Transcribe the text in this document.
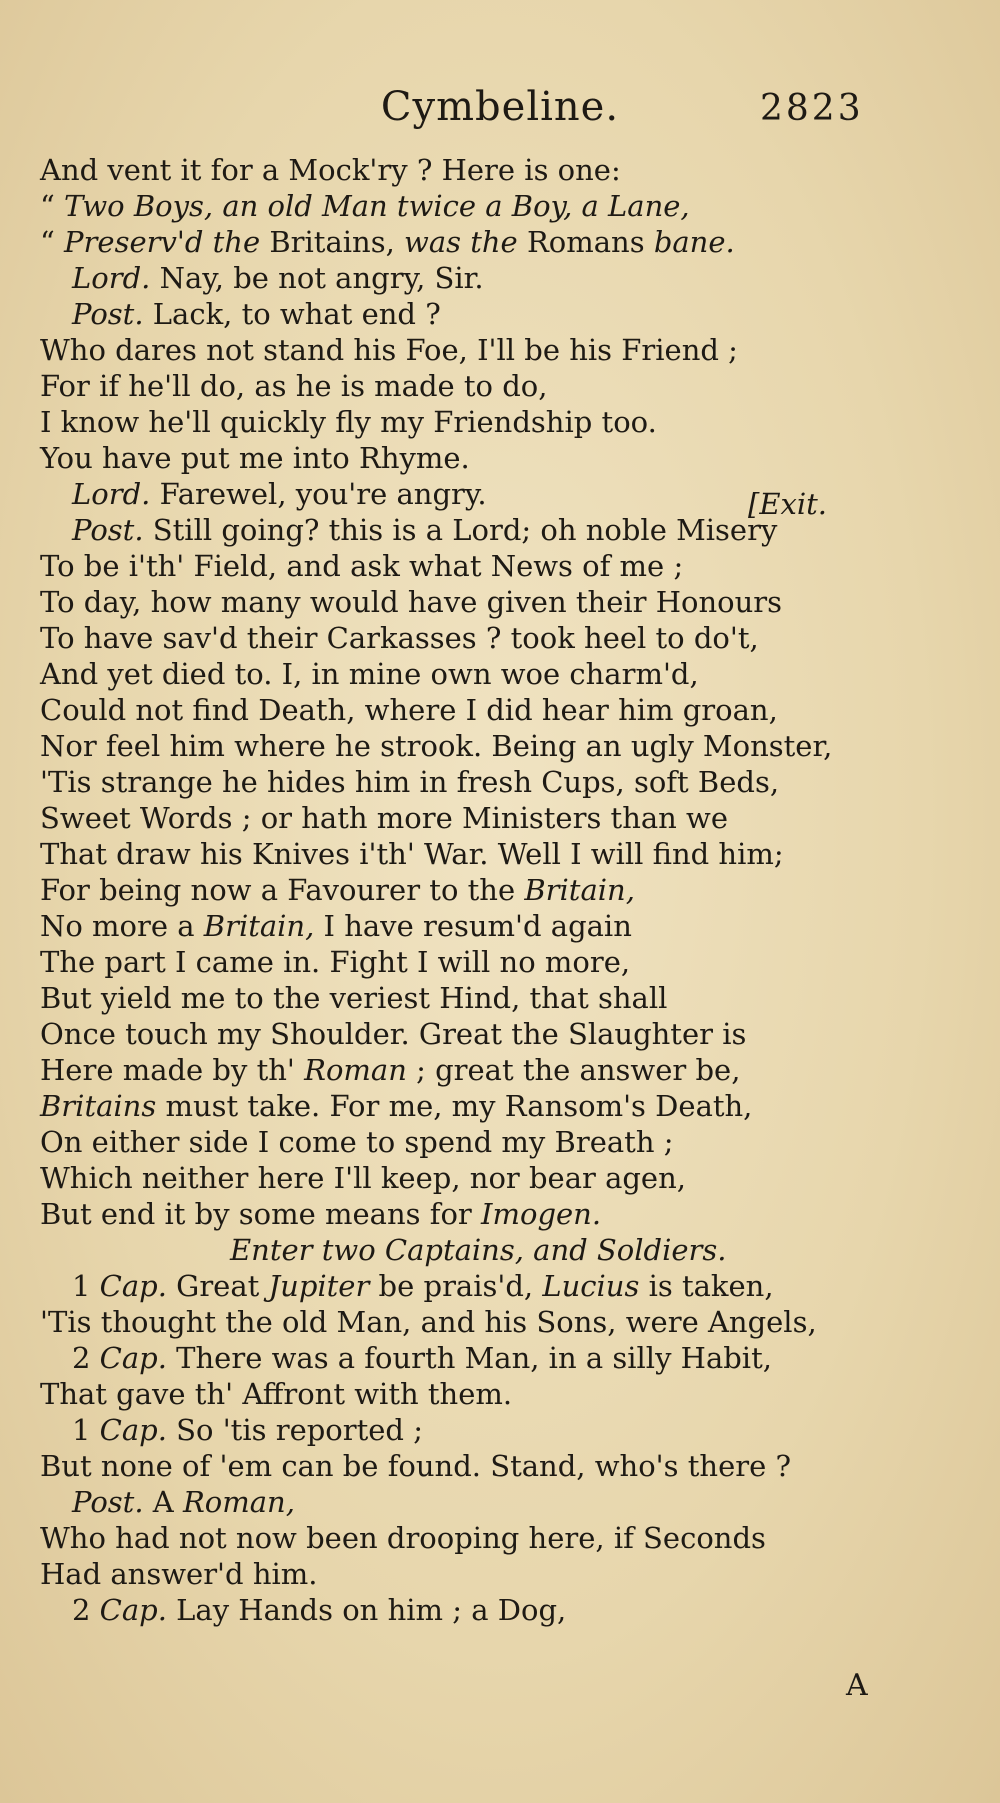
Cymbeline.	2823
And vent it for a Mock'ry ? Here is one:
“ Two Boys, an old Man twice a Boy, a Lane,
“ Preserv'd the Britains, was the Romans bane.
Lord. Nay, be not angry, Sir.
Post. Lack, to what end ?
Who dares not stand his Foe, I'll be his Friend ;
For if he'll do, as he is made to do,
I know he'll quickly fly my Friendship too.
You have put me into Rhyme.
Lord. Farewel, you're angry.
Post. Still going? this is a Lord; oh noble Misery
To be i'th' Field, and ask what News of me ;
To day, how many would have given their Honours
To have sav'd their Carkasses ? took heel to do't,
And yet died to. I, in mine own woe charm'd,
Could not find Death, where I did hear him groan,
Nor feel him where he strook. Being an ugly Monster,
'Tis strange he hides him in fresh Cups, soft Beds,
Sweet Words ; or hath more Ministers than we
That draw his Knives i'th' War. Well I will find him;
For being now a Favourer to the Britain,
No more a Britain, I have resum'd again
The part I came in. Fight I will no more,
But yield me to the veriest Hind, that shall
Once touch my Shoulder. Great the Slaughter is
Here made by th' Roman ; great the answer be,
Britains must take. For me, my Ransom's Death,
On either side I come to spend my Breath ;
Which neither here I'll keep, nor bear agen,
But end it by some means for Imogen.
Enter two Captains, and Soldiers.
1 Cap. Great Jupiter be prais'd, Lucius is taken,
'Tis thought the old Man, and his Sons, were Angels,
2 Cap. There was a fourth Man, in a silly Habit,
That gave th' Affront with them.
1 Cap. So 'tis reported ;
But none of 'em can be found. Stand, who's there ?
Post. A Roman,
Who had not now been drooping here, if Seconds
Had answer'd him.
2 Cap. Lay Hands on him ; a Dog,
[Exit.
A
